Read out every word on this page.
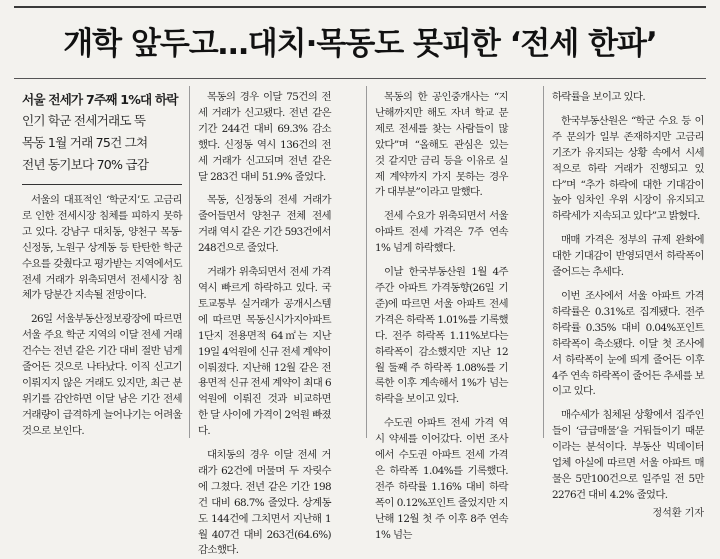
개학 앞두고…대치·목동도 못피한 ‘전세 한파’
서울 전세가 7주째 1%대 하락
인기 학군 전세거래도 뚝
목동 1월 거래 75건 그쳐
전년 동기보다 70% 급감

서울의 대표적인 ‘학군지’도 고금리로 인한 전세시장 침체를 피하지 못하고 있다. 강남구 대치동, 양천구 목동·신정동, 노원구 상계동 등 탄탄한 학군 수요를 갖췄다고 평가받는 지역에서도 전세 거래가 위축되면서 전세시장 침체가 당분간 지속될 전망이다.

26일 서울부동산정보광장에 따르면 서울 주요 학군 지역의 이달 전세 거래 건수는 전년 같은 기간 대비 절반 넘게 줄어든 것으로 나타났다. 이직 신고기 이뤄지지 않은 거래도 있지만, 최근 분위기를 감안하면 이달 남은 기간 전세거래량이 급격하게 늘어나기는 어려울 것으로 보인다.

목동의 경우 이달 75건의 전세 거래가 신고됐다. 전년 같은 기간 244건 대비 69.3% 감소했다. 신정동 역시 136건의 전세 거래가 신고되며 전년 같은 달 283건 대비 51.9% 줄었다.

목동, 신정동의 전세 거래가 줄어들면서 양천구 전체 전세 거래 역시 같은 기간 593건에서 248건으로 줄었다.

거래가 위축되면서 전세 가격 역시 빠르게 하락하고 있다. 국토교통부 실거래가 공개시스템에 따르면 목동신시가지아파트 1단지 전용면적 64㎡는 지난 19일 4억원에 신규 전세 계약이 이뤄졌다. 지난해 12월 같은 전용면적 신규 전세 계약이 최대 6억원에 이뤄진 것과 비교하면 한 달 사이에 가격이 2억원 빠졌다.

대치동의 경우 이달 전세 거래가 62건에 머물며 두 자릿수에 그쳤다. 전년 같은 기간 198건 대비 68.7% 줄었다. 상계동도 144건에 그치면서 지난해 1월 407건 대비 263건(64.6%) 감소했다.

목동의 한 공인중개사는 “지난해까지만 해도 자녀 학교 문제로 전세를 찾는 사람들이 많았다”며 “올해도 관심은 있는 것 같지만 금리 등을 이유로 실제 계약까지 가지 못하는 경우가 대부분”이라고 말했다.

전세 수요가 위축되면서 서울 아파트 전세 가격은 7주 연속 1% 넘게 하락했다.

이날 한국부동산원 1월 4주 주간 아파트 가격동향(26일 기준)에 따르면 서울 아파트 전세 가격은 하락폭 1.01%를 기록했다. 전주 하락폭 1.11%보다는 하락폭이 감소했지만 지난 12월 둘째 주 하락폭 1.08%를 기록한 이후 계속해서 1%가 넘는 하락을 보이고 있다.

수도권 아파트 전세 가격 역시 약세를 이어갔다. 이번 조사에서 수도권 아파트 전세 가격은 하락폭 1.04%를 기록했다. 전주 하락률 1.16% 대비 하락폭이 0.12%포인트 줄었지만 지난해 12월 첫 주 이후 8주 연속 1% 넘는

하락률을 보이고 있다.

한국부동산원은 “학군 수요 등 이주 문의가 일부 존재하지만 고금리 기조가 유지되는 상황 속에서 시세적으로 하락 거래가 진행되고 있다”며 “추가 하락에 대한 기대감이 높아 임차인 우위 시장이 유지되고 하락세가 지속되고 있다”고 밝혔다.

매매 가격은 정부의 규제 완화에 대한 기대감이 반영되면서 하락폭이 줄어드는 추세다.

이번 조사에서 서울 아파트 가격 하락률은 0.31%로 집계됐다. 전주 하락률 0.35% 대비 0.04%포인트 하락폭이 축소됐다. 이달 첫 조사에서 하락폭이 눈에 띄게 줄어든 이후 4주 연속 하락폭이 줄어든 추세를 보이고 있다.

매수세가 침체된 상황에서 집주인들이 ‘급급매물’을 거둬들이기 때문이라는 분석이다. 부동산 빅데이터 업체 아실에 따르면 서울 아파트 매물은 5만100건으로 일주일 전 5만2276건 대비 4.2% 줄었다.

정석환 기자
